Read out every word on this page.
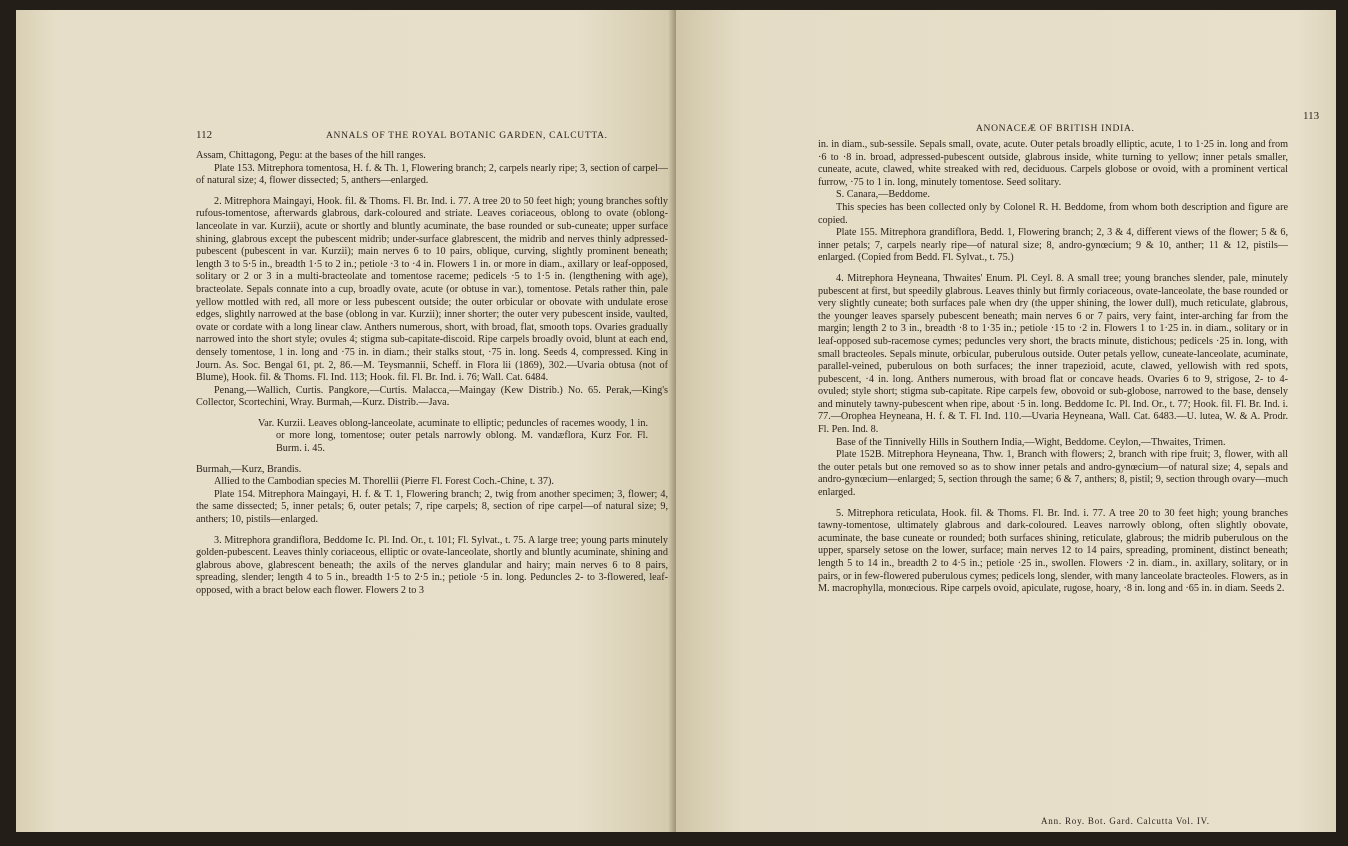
112	ANNALS OF THE ROYAL BOTANIC GARDEN, CALCUTTA.

Assam, Chittagong, Pegu: at the bases of the hill ranges.

Plate 153. Mitrephora tomentosa, H. f. & Th. 1, Flowering branch; 2, carpels nearly ripe; 3, section of carpel—of natural size; 4, flower dissected; 5, anthers—enlarged.

2. Mitrephora Maingayi, Hook. fil. & Thoms. Fl. Br. Ind. i. 77. A tree 20 to 50 feet high; young branches softly rufous-tomentose, afterwards glabrous, dark-coloured and striate. Leaves coriaceous, oblong to ovate (oblong-lanceolate in var. Kurzii), acute or shortly and bluntly acuminate, the base rounded or sub-cuneate; upper surface shining, glabrous except the pubescent midrib; under-surface glabrescent, the midrib and nerves thinly adpressed-pubescent (pubescent in var. Kurzii); main nerves 6 to 10 pairs, oblique, curving, slightly prominent beneath; length 3 to 5·5 in., breadth 1·5 to 2 in.; petiole ·3 to ·4 in. Flowers 1 in. or more in diam., axillary or leaf-opposed, solitary or 2 or 3 in a multi-bracteolate and tomentose raceme; pedicels ·5 to 1·5 in. (lengthening with age), bracteolate. Sepals connate into a cup, broadly ovate, acute (or obtuse in var.), tomentose. Petals rather thin, pale yellow mottled with red, all more or less pubescent outside; the outer orbicular or obovate with undulate erose edges, slightly narrowed at the base (oblong in var. Kurzii); inner shorter; the outer very pubescent inside, vaulted, ovate or cordate with a long linear claw. Anthers numerous, short, with broad, flat, smooth tops. Ovaries gradually narrowed into the short style; ovules 4; stigma sub-capitate-discoid. Ripe carpels broadly ovoid, blunt at each end, densely tomentose, 1 in. long and ·75 in. in diam.; their stalks stout, ·75 in. long. Seeds 4, compressed. King in Journ. As. Soc. Bengal 61, pt. 2, 86.—M. Teysmannii, Scheff. in Flora lii (1869), 302.—Uvaria obtusa (not of Blume), Hook. fil. & Thoms. Fl. Ind. 113; Hook. fil. Fl. Br. Ind. i. 76; Wall. Cat. 6484.

Penang,—Wallich, Curtis. Pangkore,—Curtis. Malacca,—Maingay (Kew Distrib.) No. 65. Perak,—King's Collector, Scortechini, Wray. Burmah,—Kurz. Distrib.—Java.

Var. Kurzii. Leaves oblong-lanceolate, acuminate to elliptic; peduncles of racemes woody, 1 in. or more long, tomentose; outer petals narrowly oblong. M. vandæflora, Kurz For. Fl. Burm. i. 45.

Burmah,—Kurz, Brandis.

Allied to the Cambodian species M. Thorellii (Pierre Fl. Forest Coch.-Chine, t. 37).

Plate 154. Mitrephora Maingayi, H. f. & T. 1, Flowering branch; 2, twig from another specimen; 3, flower; 4, the same dissected; 5, inner petals; 6, outer petals; 7, ripe carpels; 8, section of ripe carpel—of natural size; 9, anthers; 10, pistils—enlarged.

3. Mitrephora grandiflora, Beddome Ic. Pl. Ind. Or., t. 101; Fl. Sylvat., t. 75. A large tree; young parts minutely golden-pubescent. Leaves thinly coriaceous, elliptic or ovate-lanceolate, shortly and bluntly acuminate, shining and glabrous above, glabrescent beneath; the axils of the nerves glandular and hairy; main nerves 6 to 8 pairs, spreading, slender; length 4 to 5 in., breadth 1·5 to 2·5 in.; petiole ·5 in. long. Peduncles 2- to 3-flowered, leaf-opposed, with a bract below each flower. Flowers 2 to 3

113
ANONACEÆ OF BRITISH INDIA.

in. in diam., sub-sessile. Sepals small, ovate, acute. Outer petals broadly elliptic, acute, 1 to 1·25 in. long and from ·6 to ·8 in. broad, adpressed-pubescent outside, glabrous inside, white turning to yellow; inner petals smaller, cuneate, acute, clawed, white streaked with red, deciduous. Carpels globose or ovoid, with a prominent vertical furrow, ·75 to 1 in. long, minutely tomentose. Seed solitary.

S. Canara,—Beddome.

This species has been collected only by Colonel R. H. Beddome, from whom both description and figure are copied.

Plate 155. Mitrephora grandiflora, Bedd. 1, Flowering branch; 2, 3 & 4, different views of the flower; 5 & 6, inner petals; 7, carpels nearly ripe—of natural size; 8, andro-gynœcium; 9 & 10, anther; 11 & 12, pistils—enlarged. (Copied from Bedd. Fl. Sylvat., t. 75.)

4. Mitrephora Heyneana, Thwaites' Enum. Pl. Ceyl. 8. A small tree; young branches slender, pale, minutely pubescent at first, but speedily glabrous. Leaves thinly but firmly coriaceous, ovate-lanceolate, the base rounded or very slightly cuneate; both surfaces pale when dry (the upper shining, the lower dull), much reticulate, glabrous, the younger leaves sparsely pubescent beneath; main nerves 6 or 7 pairs, very faint, inter-arching far from the margin; length 2 to 3 in., breadth ·8 to 1·35 in.; petiole ·15 to ·2 in. Flowers 1 to 1·25 in. in diam., solitary or in leaf-opposed sub-racemose cymes; peduncles very short, the bracts minute, distichous; pedicels ·25 in. long, with small bracteoles. Sepals minute, orbicular, puberulous outside. Outer petals yellow, cuneate-lanceolate, acuminate, parallel-veined, puberulous on both surfaces; the inner trapezioid, acute, clawed, yellowish with red spots, pubescent, ·4 in. long. Anthers numerous, with broad flat or concave heads. Ovaries 6 to 9, strigose, 2- to 4-ovuled; style short; stigma sub-capitate. Ripe carpels few, obovoid or sub-globose, narrowed to the base, densely and minutely tawny-pubescent when ripe, about ·5 in. long. Beddome Ic. Pl. Ind. Or., t. 77; Hook. fil. Fl. Br. Ind. i. 77.—Orophea Heyneana, H. f. & T. Fl. Ind. 110.—Uvaria Heyneana, Wall. Cat. 6483.—U. lutea, W. & A. Prodr. Fl. Pen. Ind. 8.

Base of the Tinnivelly Hills in Southern India,—Wight, Beddome. Ceylon,—Thwaites, Trimen.

Plate 152B. Mitrephora Heyneana, Thw. 1, Branch with flowers; 2, branch with ripe fruit; 3, flower, with all the outer petals but one removed so as to show inner petals and andro-gynœcium—of natural size; 4, sepals and andro-gynœcium—enlarged; 5, section through the same; 6 & 7, anthers; 8, pistil; 9, section through ovary—much enlarged.

5. Mitrephora reticulata, Hook. fil. & Thoms. Fl. Br. Ind. i. 77. A tree 20 to 30 feet high; young branches tawny-tomentose, ultimately glabrous and dark-coloured. Leaves narrowly oblong, often slightly obovate, acuminate, the base cuneate or rounded; both surfaces shining, reticulate, glabrous; the midrib puberulous on the upper, sparsely setose on the lower, surface; main nerves 12 to 14 pairs, spreading, prominent, distinct beneath; length 5 to 14 in., breadth 2 to 4·5 in.; petiole ·25 in., swollen. Flowers ·2 in. diam., in. axillary, solitary, or in pairs, or in few-flowered puberulous cymes; pedicels long, slender, with many lanceolate bracteoles. Flowers, as in M. macrophylla, monœcious. Ripe carpels ovoid, apiculate, rugose, hoary, ·8 in. long and ·65 in. in diam. Seeds 2.

Ann. Roy. Bot. Gard. Calcutta Vol. IV.
